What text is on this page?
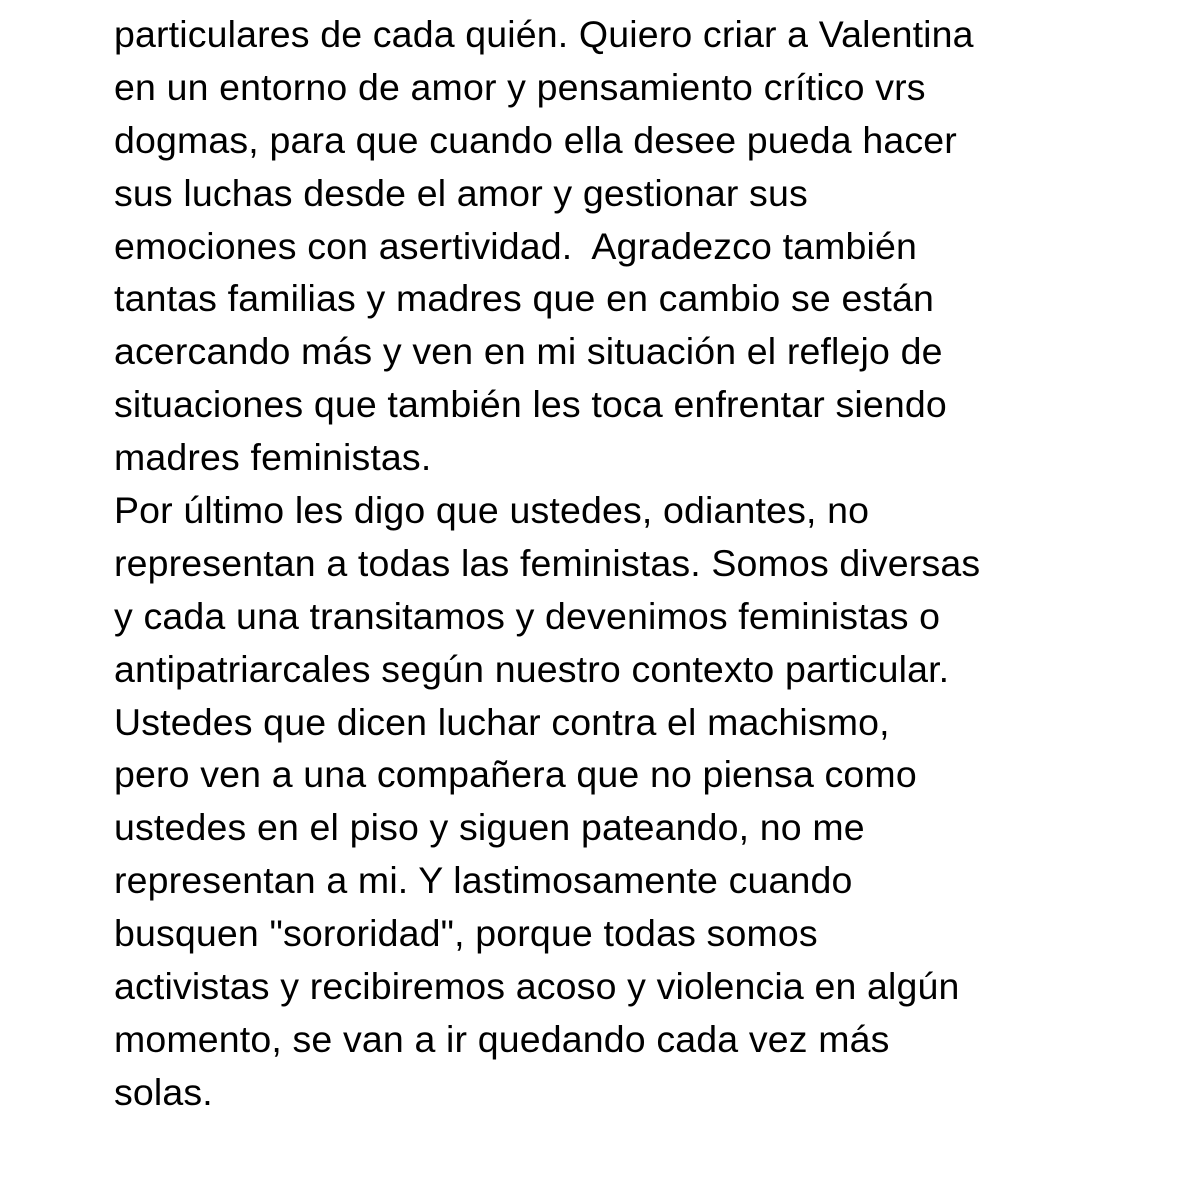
particulares de cada quién. Quiero criar a Valentina
en un entorno de amor y pensamiento crítico vrs
dogmas, para que cuando ella desee pueda hacer
sus luchas desde el amor y gestionar sus
emociones con asertividad.  Agradezco también
tantas familias y madres que en cambio se están
acercando más y ven en mi situación el reflejo de
situaciones que también les toca enfrentar siendo
madres feministas.
Por último les digo que ustedes, odiantes, no
representan a todas las feministas. Somos diversas
y cada una transitamos y devenimos feministas o
antipatriarcales según nuestro contexto particular.
Ustedes que dicen luchar contra el machismo,
pero ven a una compañera que no piensa como
ustedes en el piso y siguen pateando, no me
representan a mi. Y lastimosamente cuando
busquen "sororidad", porque todas somos
activistas y recibiremos acoso y violencia en algún
momento, se van a ir quedando cada vez más
solas.
